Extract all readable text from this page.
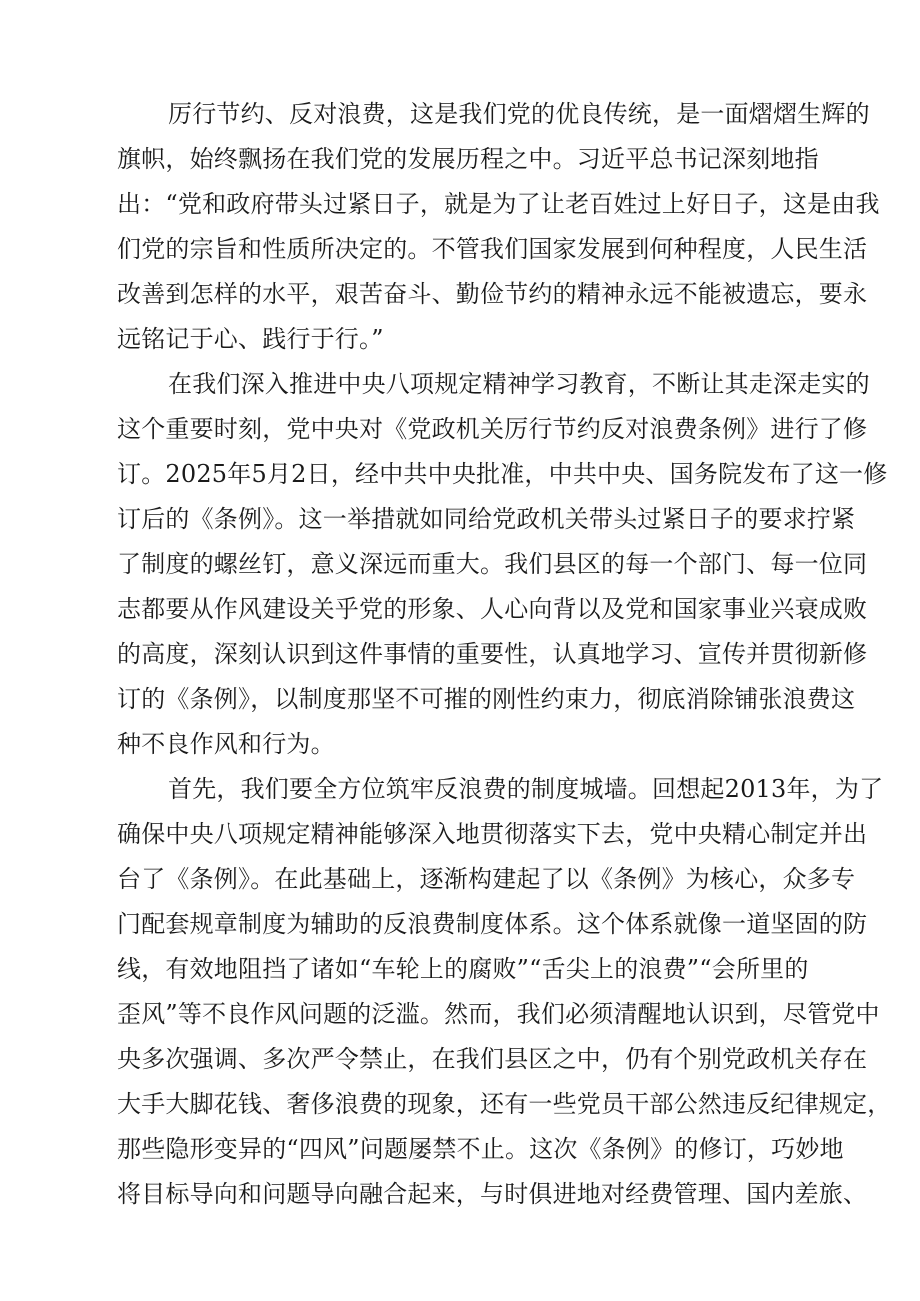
厉行节约、反对浪费，这是我们党的优良传统，是一面熠熠生辉的
旗帜，始终飘扬在我们党的发展历程之中。习近平总书记深刻地指
出：“党和政府带头过紧日子，就是为了让老百姓过上好日子，这是由我
们党的宗旨和性质所决定的。不管我们国家发展到何种程度，人民生活
改善到怎样的水平，艰苦奋斗、勤俭节约的精神永远不能被遗忘，要永
远铭记于心、践行于行。”
在我们深入推进中央八项规定精神学习教育，不断让其走深走实的
这个重要时刻，党中央对《党政机关厉行节约反对浪费条例》进行了修
订。2025年5月2日，经中共中央批准，中共中央、国务院发布了这一修
订后的《条例》。这一举措就如同给党政机关带头过紧日子的要求拧紧
了制度的螺丝钉，意义深远而重大。我们县区的每一个部门、每一位同
志都要从作风建设关乎党的形象、人心向背以及党和国家事业兴衰成败
的高度，深刻认识到这件事情的重要性，认真地学习、宣传并贯彻新修
订的《条例》，以制度那坚不可摧的刚性约束力，彻底消除铺张浪费这
种不良作风和行为。
首先，我们要全方位筑牢反浪费的制度城墙。回想起2013年，为了
确保中央八项规定精神能够深入地贯彻落实下去，党中央精心制定并出
台了《条例》。在此基础上，逐渐构建起了以《条例》为核心，众多专
门配套规章制度为辅助的反浪费制度体系。这个体系就像一道坚固的防
线，有效地阻挡了诸如“车轮上的腐败”“舌尖上的浪费”“会所里的
歪风”等不良作风问题的泛滥。然而，我们必须清醒地认识到，尽管党中
央多次强调、多次严令禁止，在我们县区之中，仍有个别党政机关存在
大手大脚花钱、奢侈浪费的现象，还有一些党员干部公然违反纪律规定，
那些隐形变异的“四风”问题屡禁不止。这次《条例》的修订，巧妙地
将目标导向和问题导向融合起来，与时俱进地对经费管理、国内差旅、
